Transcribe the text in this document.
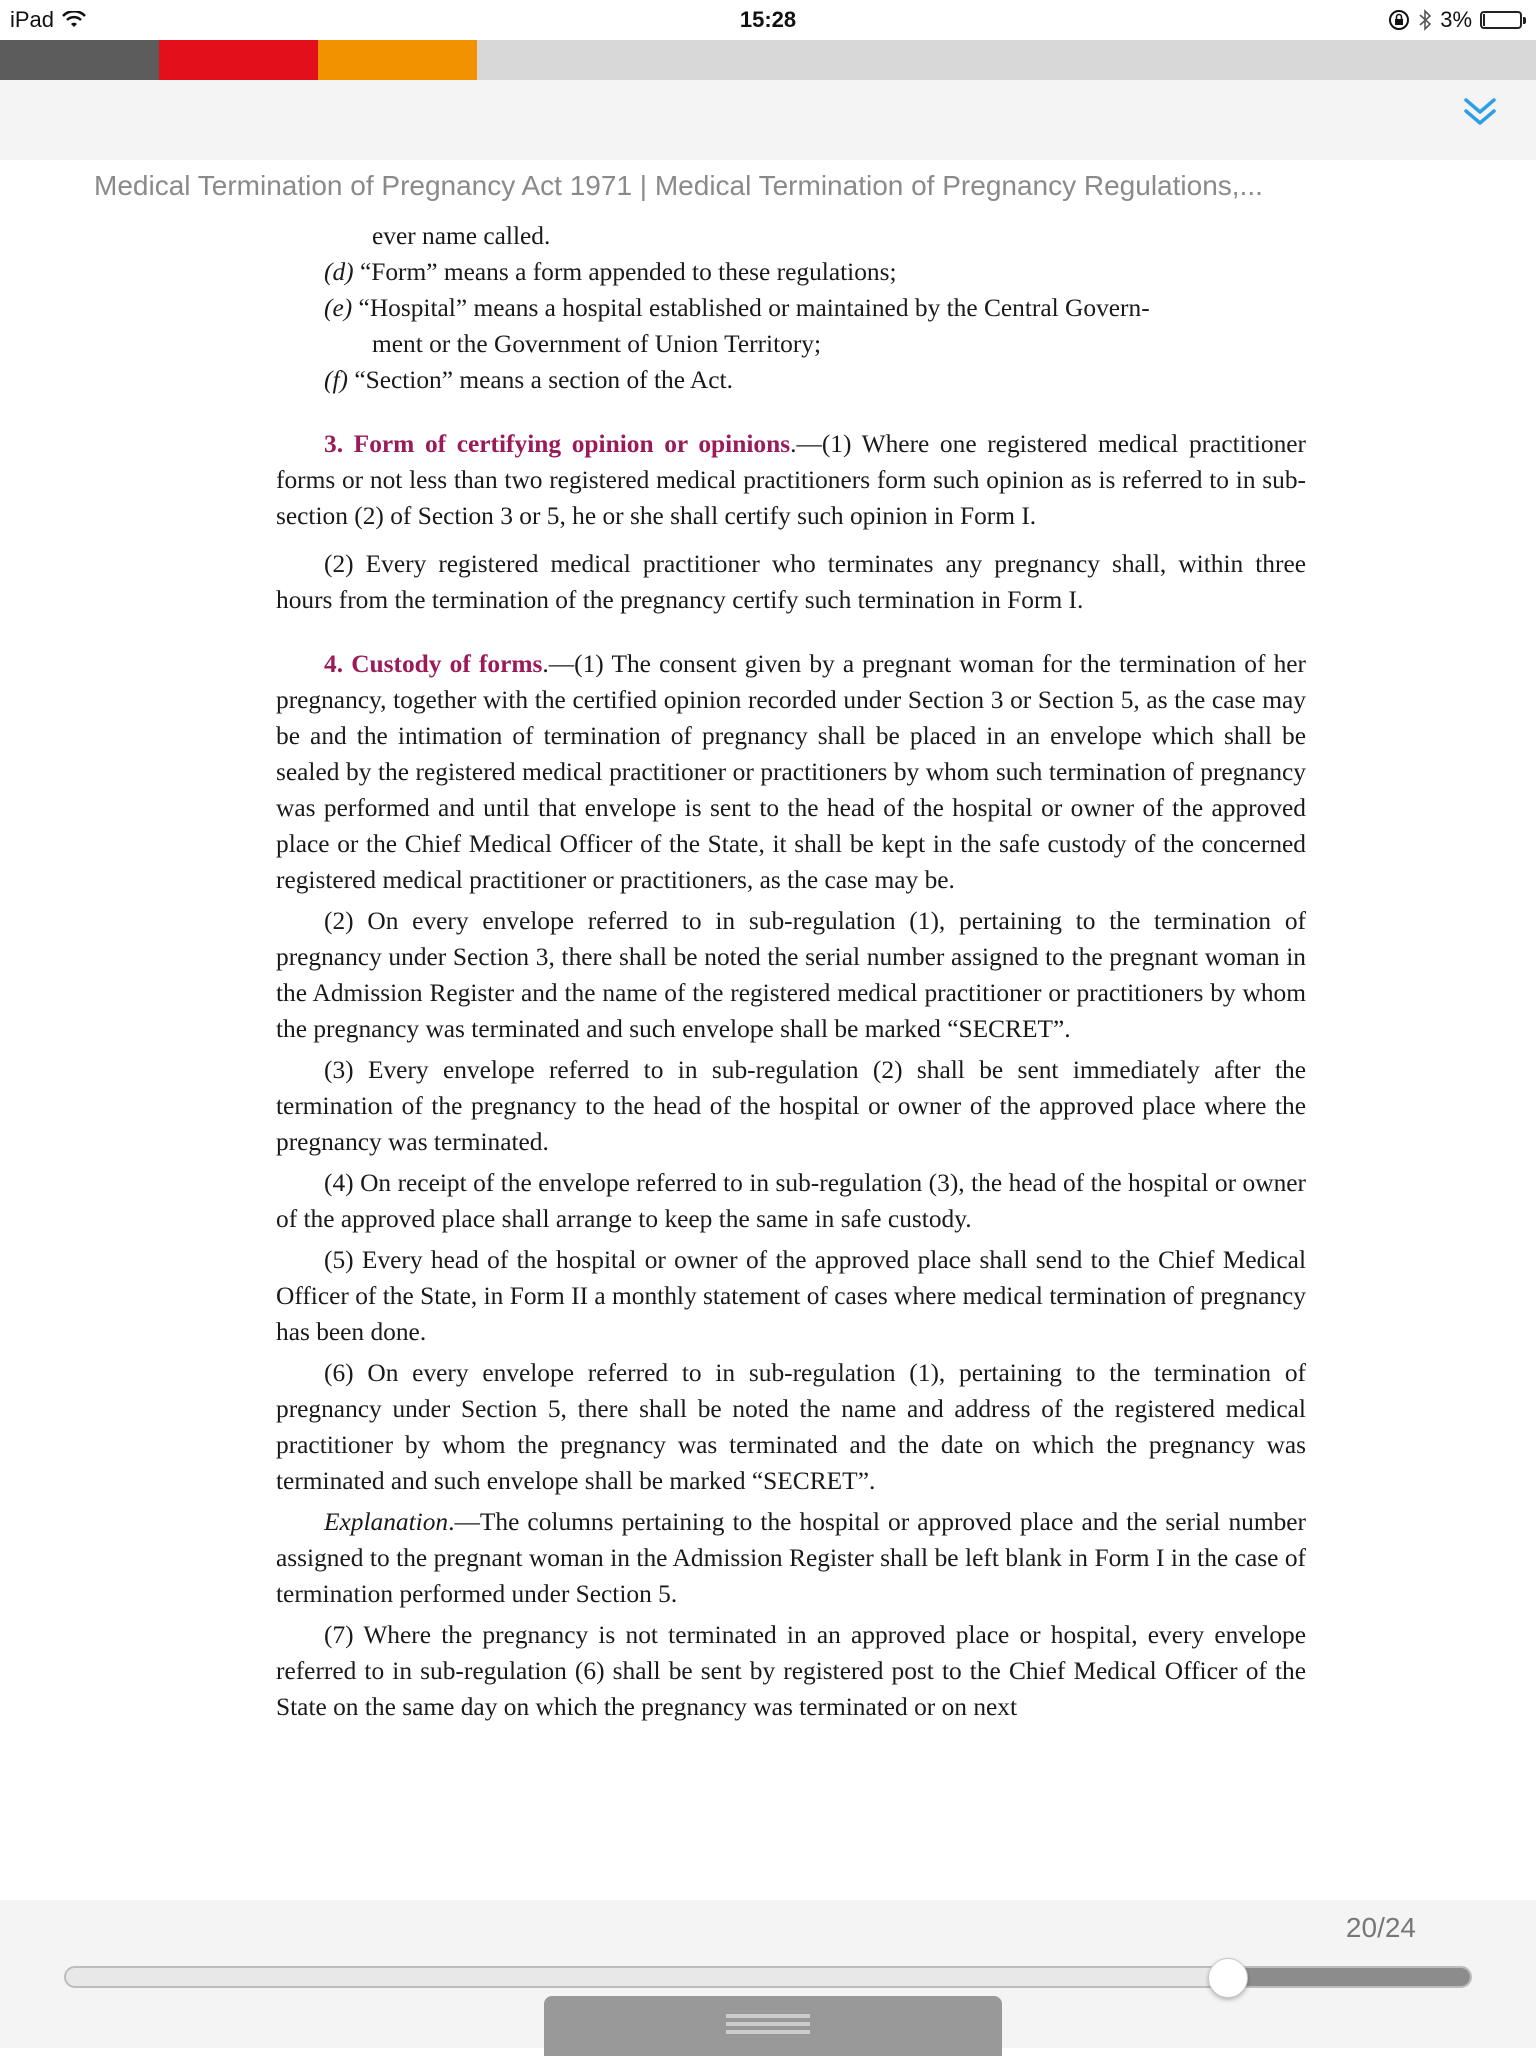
iPad	15:28	3%
Medical Termination of Pregnancy Act 1971 | Medical Termination of Pregnancy Regulations,...

ever name called.

(d) “Form” means a form appended to these regulations;

(e) “Hospital” means a hospital established or maintained by the Central Govern-

ment or the Government of Union Territory;

(f) “Section” means a section of the Act.

3. Form of certifying opinion or opinions.—(1) Where one registered medical practitioner forms or not less than two registered medical practitioners form such opinion as is referred to in sub-section (2) of Section 3 or 5, he or she shall certify such opinion in Form I.

(2) Every registered medical practitioner who terminates any pregnancy shall, within three hours from the termination of the pregnancy certify such termination in Form I.

4. Custody of forms.—(1) The consent given by a pregnant woman for the termination of her pregnancy, together with the certified opinion recorded under Section 3 or Section 5, as the case may be and the intimation of termination of pregnancy shall be placed in an envelope which shall be sealed by the registered medical practitioner or practitioners by whom such termination of pregnancy was performed and until that envelope is sent to the head of the hospital or owner of the approved place or the Chief Medical Officer of the State, it shall be kept in the safe custody of the concerned registered medical practitioner or practitioners, as the case may be.

(2) On every envelope referred to in sub-regulation (1), pertaining to the termination of pregnancy under Section 3, there shall be noted the serial number assigned to the pregnant woman in the Admission Register and the name of the registered medical practitioner or practitioners by whom the pregnancy was terminated and such envelope shall be marked “SECRET”.

(3) Every envelope referred to in sub-regulation (2) shall be sent immediately after the termination of the pregnancy to the head of the hospital or owner of the approved place where the pregnancy was terminated.

(4) On receipt of the envelope referred to in sub-regulation (3), the head of the hospital or owner of the approved place shall arrange to keep the same in safe custody.

(5) Every head of the hospital or owner of the approved place shall send to the Chief Medical Officer of the State, in Form II a monthly statement of cases where medical termination of pregnancy has been done.

(6) On every envelope referred to in sub-regulation (1), pertaining to the termination of pregnancy under Section 5, there shall be noted the name and address of the registered medical practitioner by whom the pregnancy was terminated and the date on which the pregnancy was terminated and such envelope shall be marked “SECRET”.

Explanation.—The columns pertaining to the hospital or approved place and the serial number assigned to the pregnant woman in the Admission Register shall be left blank in Form I in the case of termination performed under Section 5.

(7) Where the pregnancy is not terminated in an approved place or hospital, every envelope referred to in sub-regulation (6) shall be sent by registered post to the Chief Medical Officer of the State on the same day on which the pregnancy was terminated or on next

20/24
